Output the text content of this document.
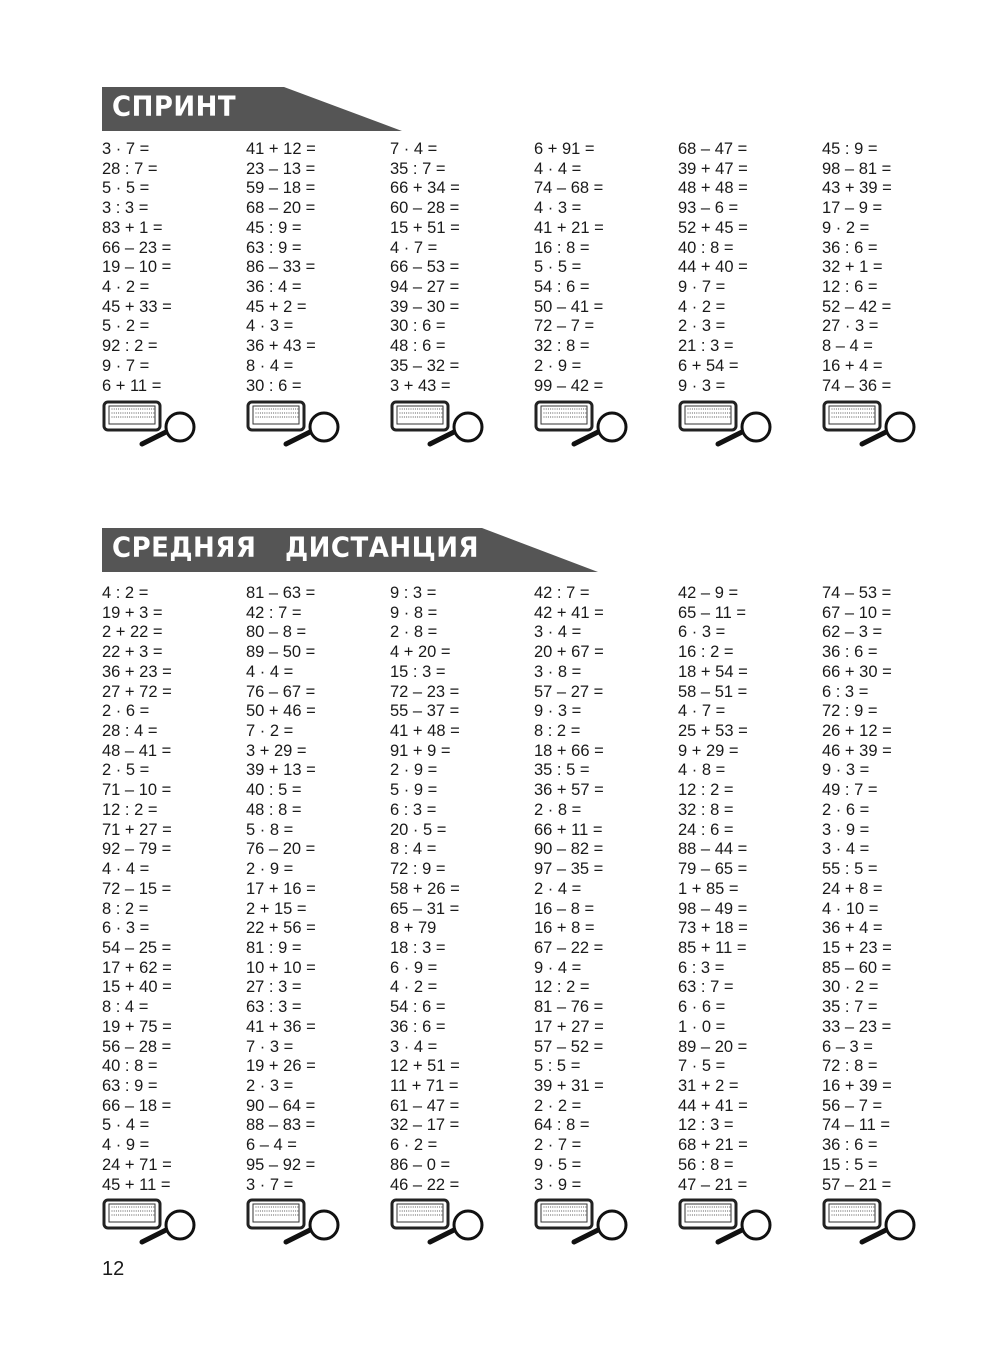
СПРИНТ
3 · 7 =
28 : 7 =
5 · 5 =
3 : 3 =
83 + 1 =
66 – 23 =
19 – 10 =
4 · 2 =
45 + 33 =
5 · 2 =
92 : 2 =
9 · 7 =
6 + 11 =
41 + 12 =
23 – 13 =
59 – 18 =
68 – 20 =
45 : 9 =
63 : 9 =
86 – 33 =
36 : 4 =
45 + 2 =
4 · 3 =
36 + 43 =
8 · 4 =
30 : 6 =
7 · 4 =
35 : 7 =
66 + 34 =
60 – 28 =
15 + 51 =
4 · 7 =
66 – 53 =
94 – 27 =
39 – 30 =
30 : 6 =
48 : 6 =
35 – 32 =
3 + 43 =
6 + 91 =
4 · 4 =
74 – 68 =
4 · 3 =
41 + 21 =
16 : 8 =
5 · 5 =
54 : 6 =
50 – 41 =
72 – 7 =
32 : 8 =
2 · 9 =
99 – 42 =
68 – 47 =
39 + 47 =
48 + 48 =
93 – 6 =
52 + 45 =
40 : 8 =
44 + 40 =
9 · 7 =
4 · 2 =
2 · 3 =
21 : 3 =
6 + 54 =
9 · 3 =
45 : 9 =
98 – 81 =
43 + 39 =
17 – 9 =
9 · 2 =
36 : 6 =
32 + 1 =
12 : 6 =
52 – 42 =
27 · 3 =
8 – 4 =
16 + 4 =
74 – 36 =
СРЕДНЯЯ   ДИСТАНЦИЯ
4 : 2 =
19 + 3 =
2 + 22 =
22 + 3 =
36 + 23 =
27 + 72 =
2 · 6 =
28 : 4 =
48 – 41 =
2 · 5 =
71 – 10 =
12 : 2 =
71 + 27 =
92 – 79 =
4 · 4 =
72 – 15 =
8 : 2 =
6 · 3 =
54 – 25 =
17 + 62 =
15 + 40 =
8 : 4 =
19 + 75 =
56 – 28 =
40 : 8 =
63 : 9 =
66 – 18 =
5 · 4 =
4 · 9 =
24 + 71 =
45 + 11 =
81 – 63 =
42 : 7 =
80 – 8 =
89 – 50 =
4 · 4 =
76 – 67 =
50 + 46 =
7 · 2 =
3 + 29 =
39 + 13 =
40 : 5 =
48 : 8 =
5 · 8 =
76 – 20 =
2 · 9 =
17 + 16 =
2 + 15 =
22 + 56 =
81 : 9 =
10 + 10 =
27 : 3 =
63 : 3 =
41 + 36 =
7 · 3 =
19 + 26 =
2 · 3 =
90 – 64 =
88 – 83 =
6 – 4 =
95 – 92 =
3 · 7 =
9 : 3 =
9 · 8 =
2 · 8 =
4 + 20 =
15 : 3 =
72 – 23 =
55 – 37 =
41 + 48 =
91 + 9 =
2 · 9 =
5 · 9 =
6 : 3 =
20 · 5 =
8 : 4 =
72 : 9 =
58 + 26 =
65 – 31 =
8 + 79
18 : 3 =
6 · 9 =
4 · 2 =
54 : 6 =
36 : 6 =
3 · 4 =
12 + 51 =
11 + 71 =
61 – 47 =
32 – 17 =
6 · 2 =
86 – 0 =
46 – 22 =
42 : 7 =
42 + 41 =
3 · 4 =
20 + 67 =
3 · 8 =
57 – 27 =
9 · 3 =
8 : 2 =
18 + 66 =
35 : 5 =
36 + 57 =
2 · 8 =
66 + 11 =
90 – 82 =
97 – 35 =
2 · 4 =
16 – 8 =
16 + 8 =
67 – 22 =
9 · 4 =
12 : 2 =
81 – 76 =
17 + 27 =
57 – 52 =
5 : 5 =
39 + 31 =
2 · 2 =
64 : 8 =
2 · 7 =
9 · 5 =
3 · 9 =
42 – 9 =
65 – 11 =
6 · 3 =
16 : 2 =
18 + 54 =
58 – 51 =
4 · 7 =
25 + 53 =
9 + 29 =
4 · 8 =
12 : 2 =
32 : 8 =
24 : 6 =
88 – 44 =
79 – 65 =
1 + 85 =
98 – 49 =
73 + 18 =
85 + 11 =
6 : 3 =
63 : 7 =
6 · 6 =
1 · 0 =
89 – 20 =
7 · 5 =
31 + 2 =
44 + 41 =
12 : 3 =
68 + 21 =
56 : 8 =
47 – 21 =
74 – 53 =
67 – 10 =
62 – 3 =
36 : 6 =
66 + 30 =
6 : 3 =
72 : 9 =
26 + 12 =
46 + 39 =
9 · 3 =
49 : 7 =
2 · 6 =
3 · 9 =
3 · 4 =
55 : 5 =
24 + 8 =
4 · 10 =
36 + 4 =
15 + 23 =
85 – 60 =
30 · 2 =
35 : 7 =
33 – 23 =
6 – 3 =
72 : 8 =
16 + 39 =
56 – 7 =
74 – 11 =
36 : 6 =
15 : 5 =
57 – 21 =
12
